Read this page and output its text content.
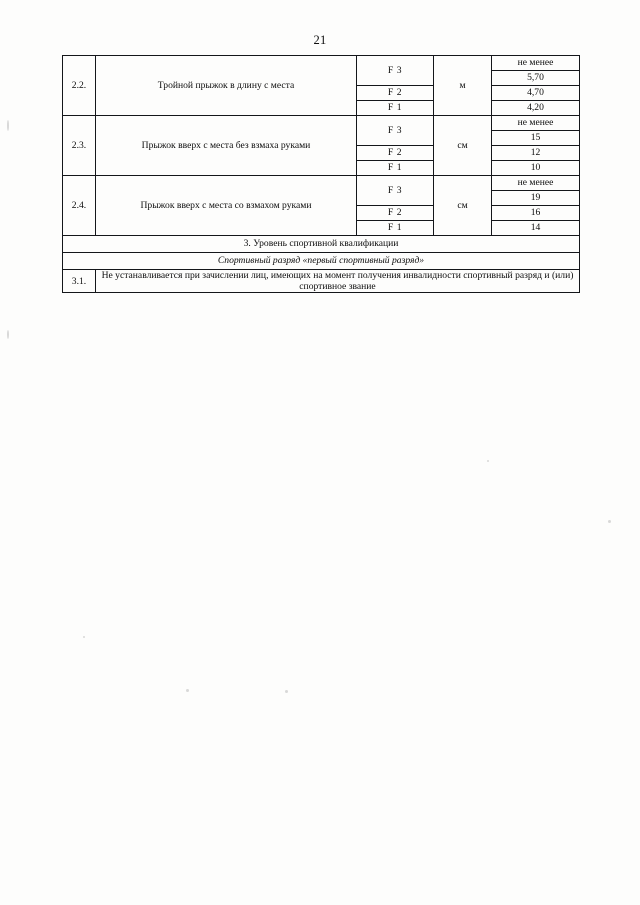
21
2.2.	Тройной прыжок в длину с места	F 3	м	не менее
				5,70
		F 2		4,70
		F 1		4,20
2.3.	Прыжок вверх с места без взмаха руками	F 3	см	не менее
				15
		F 2		12
		F 1		10
2.4.	Прыжок вверх с места со взмахом руками	F 3	см	не менее
				19
		F 2		16
		F 1		14
3. Уровень спортивной квалификации				
Спортивный разряд «первый спортивный разряд»				
3.1.	Не устанавливается при зачислении лиц, имеющих на момент получения инвалидности спортивный разряд и (или) спортивное звание			
